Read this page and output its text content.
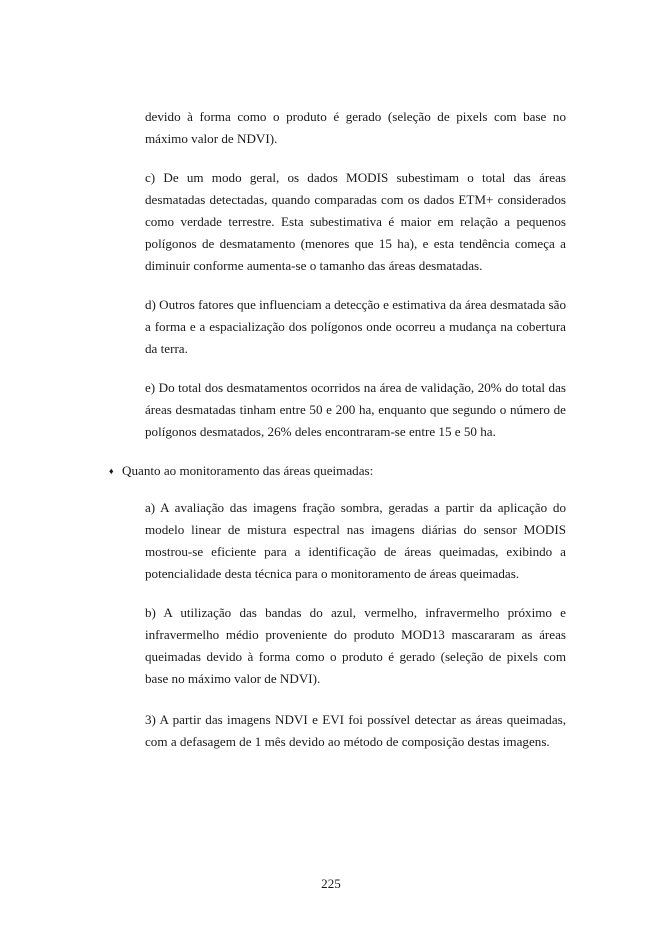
devido à forma como o produto é gerado (seleção de pixels com base no máximo valor de NDVI).
c) De um modo geral, os dados MODIS subestimam o total das áreas desmatadas detectadas, quando comparadas com os dados ETM+ considerados como verdade terrestre. Esta subestimativa é maior em relação a pequenos polígonos de desmatamento (menores que 15 ha), e esta tendência começa a diminuir conforme aumenta-se o tamanho das áreas desmatadas.
d) Outros fatores que influenciam a detecção e estimativa da área desmatada são a forma e a espacialização dos polígonos onde ocorreu a mudança na cobertura da terra.
e) Do total dos desmatamentos ocorridos na área de validação, 20% do total das áreas desmatadas tinham entre 50 e 200 ha, enquanto que segundo o número de polígonos desmatados, 26% deles encontraram-se entre 15 e 50 ha.
♦ Quanto ao monitoramento das áreas queimadas:
a) A avaliação das imagens fração sombra, geradas a partir da aplicação do modelo linear de mistura espectral nas imagens diárias do sensor MODIS mostrou-se eficiente para a identificação de áreas queimadas, exibindo a potencialidade desta técnica para o monitoramento de áreas queimadas.
b) A utilização das bandas do azul, vermelho, infravermelho próximo e infravermelho médio proveniente do produto MOD13 mascararam as áreas queimadas devido à forma como o produto é gerado (seleção de pixels com base no máximo valor de NDVI).
3) A partir das imagens NDVI e EVI foi possível detectar as áreas queimadas, com a defasagem de 1 mês devido ao método de composição destas imagens.
225
